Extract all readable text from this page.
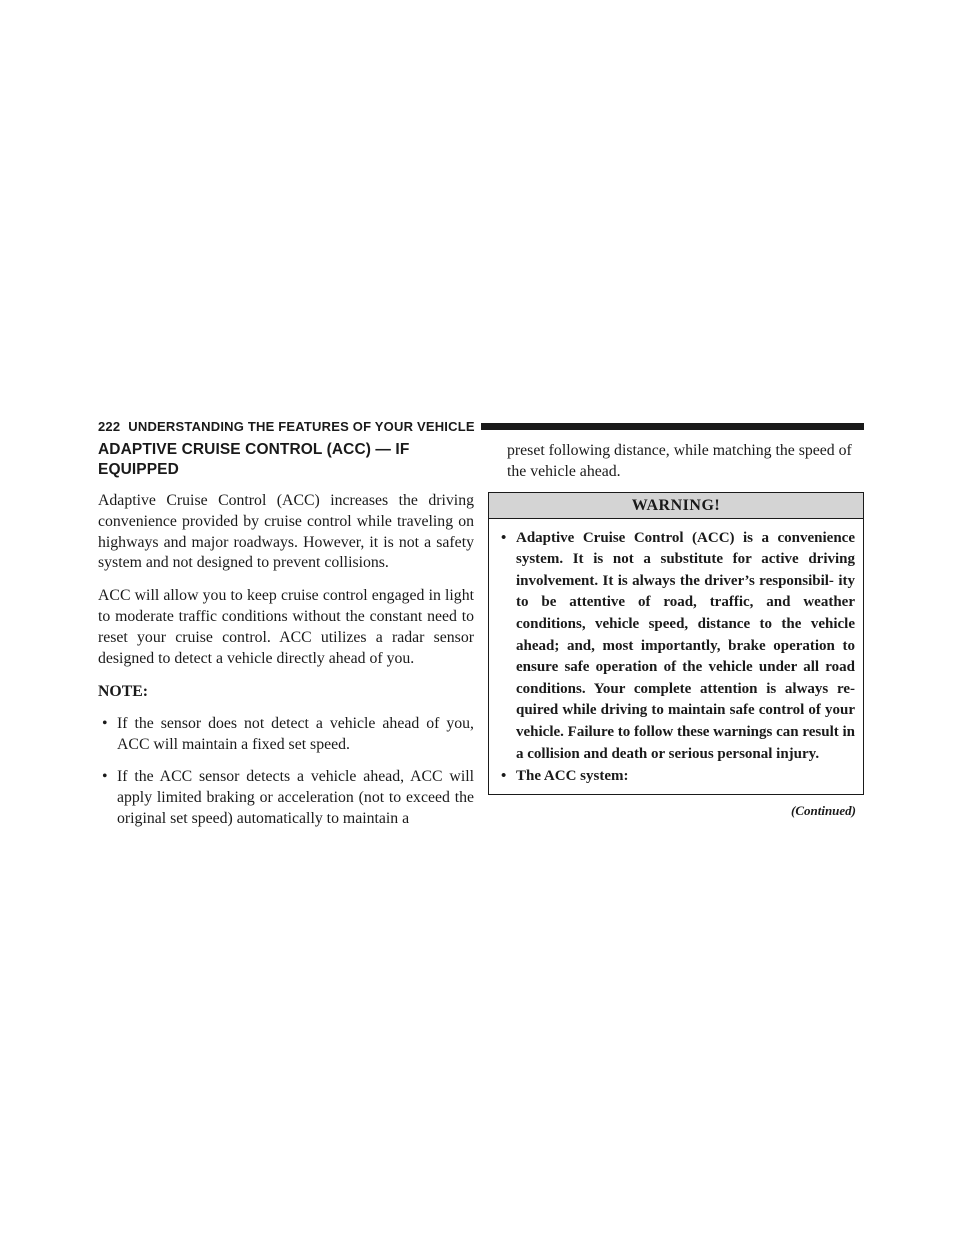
222 UNDERSTANDING THE FEATURES OF YOUR VEHICLE
ADAPTIVE CRUISE CONTROL (ACC) — IF EQUIPPED

Adaptive Cruise Control (ACC) increases the driving convenience provided by cruise control while traveling on highways and major roadways. However, it is not a safety system and not designed to prevent collisions.

ACC will allow you to keep cruise control engaged in light to moderate traffic conditions without the constant need to reset your cruise control. ACC utilizes a radar sensor designed to detect a vehicle directly ahead of you.

NOTE:
• If the sensor does not detect a vehicle ahead of you, ACC will maintain a fixed set speed.
• If the ACC sensor detects a vehicle ahead, ACC will apply limited braking or acceleration (not to exceed the original set speed) automatically to maintain a

preset following distance, while matching the speed of the vehicle ahead.

WARNING!
• Adaptive Cruise Control (ACC) is a convenience system. It is not a substitute for active driving involvement. It is always the driver’s responsibil- ity to be attentive of road, traffic, and weather conditions, vehicle speed, distance to the vehicle ahead; and, most importantly, brake operation to ensure safe operation of the vehicle under all road conditions. Your complete attention is always re- quired while driving to maintain safe control of your vehicle. Failure to follow these warnings can result in a collision and death or serious personal injury.
• The ACC system:
(Continued)
